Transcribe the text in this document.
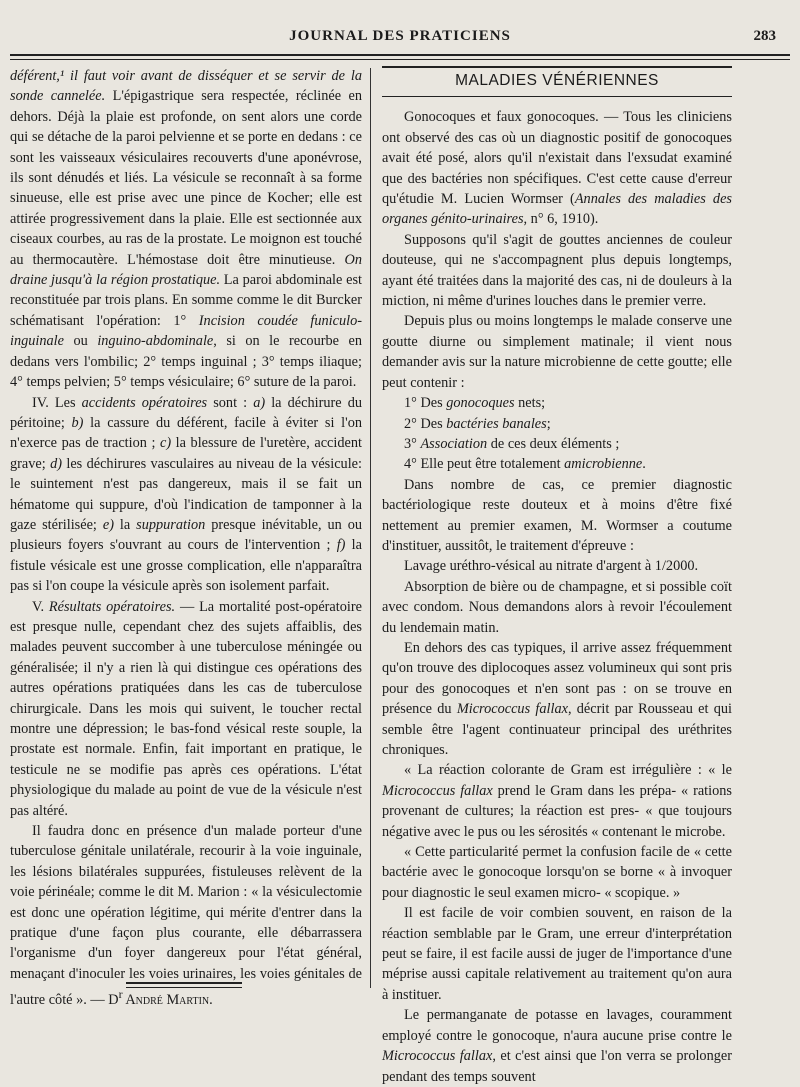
JOURNAL DES PRATICIENS	283

déférent,¹ il faut voir avant de disséquer et se servir de la sonde cannelée. L'épigastrique sera respectée, réclinée en dehors. Déjà la plaie est profonde, on sent alors une corde qui se détache de la paroi pelvienne et se porte en dedans : ce sont les vaisseaux vésiculaires recouverts d'une aponévrose, ils sont dénudés et liés. La vésicule se reconnaît à sa forme sinueuse, elle est prise avec une pince de Kocher; elle est attirée progressivement dans la plaie. Elle est sectionnée aux ciseaux courbes, au ras de la prostate. Le moignon est touché au thermocautère. L'hémostase doit être minutieuse. On draine jusqu'à la région prostatique. La paroi abdominale est reconstituée par trois plans. En somme comme le dit Burcker schématisant l'opération: 1° Incision coudée funiculo-inguinale ou inguino-abdominale, si on le recourbe en dedans vers l'ombilic; 2° temps inguinal ; 3° temps iliaque; 4° temps pelvien; 5° temps vésiculaire; 6° suture de la paroi.

IV. Les accidents opératoires sont : a) la déchirure du péritoine; b) la cassure du déférent, facile à éviter si l'on n'exerce pas de traction ; c) la blessure de l'uretère, accident grave; d) les déchirures vasculaires au niveau de la vésicule: le suintement n'est pas dangereux, mais il se fait un hématome qui suppure, d'où l'indication de tamponner à la gaze stérilisée; e) la suppuration presque inévitable, un ou plusieurs foyers s'ouvrant au cours de l'intervention ; f) la fistule vésicale est une grosse complication, elle n'apparaîtra pas si l'on coupe la vésicule après son isolement parfait.

V. Résultats opératoires. — La mortalité post-opératoire est presque nulle, cependant chez des sujets affaiblis, des malades peuvent succomber à une tuberculose méningée ou généralisée; il n'y a rien là qui distingue ces opérations des autres opérations pratiquées dans les cas de tuberculose chirurgicale. Dans les mois qui suivent, le toucher rectal montre une dépression; le bas-fond vésical reste souple, la prostate est normale. Enfin, fait important en pratique, le testicule ne se modifie pas après ces opérations. L'état physiologique du malade au point de vue de la vésicule n'est pas altéré.

Il faudra donc en présence d'un malade porteur d'une tuberculose génitale unilatérale, recourir à la voie inguinale, les lésions bilatérales suppurées, fistuleuses relèvent de la voie périnéale; comme le dit M. Marion : « la vésiculectomie est donc une opération légitime, qui mérite d'entrer dans la pratique d'une façon plus courante, elle débarrassera l'organisme d'un foyer dangereux pour l'état général, menaçant d'inoculer les voies urinaires, les voies génitales de l'autre côté ». — $D^r$ André Martin.

MALADIES VÉNÉRIENNES

Gonocoques et faux gonocoques. — Tous les cliniciens ont observé des cas où un diagnostic positif de gonocoques avait été posé, alors qu'il n'existait dans l'exsudat examiné que des bactéries non spécifiques. C'est cette cause d'erreur qu'étudie M. Lucien Wormser (Annales des maladies des organes génito-urinaires, n° 6, 1910).

Supposons qu'il s'agit de gouttes anciennes de couleur douteuse, qui ne s'accompagnent plus depuis longtemps, ayant été traitées dans la majorité des cas, ni de douleurs à la miction, ni même d'urines louches dans le premier verre.

Depuis plus ou moins longtemps le malade conserve une goutte diurne ou simplement matinale; il vient nous demander avis sur la nature microbienne de cette goutte; elle peut contenir :

1° Des gonocoques nets;

2° Des bactéries banales;

3° Association de ces deux éléments ;

4° Elle peut être totalement amicrobienne.

Dans nombre de cas, ce premier diagnostic bactériologique reste douteux et à moins d'être fixé nettement au premier examen, M. Wormser a coutume d'instituer, aussitôt, le traitement d'épreuve :

Lavage uréthro-vésical au nitrate d'argent à 1/2000.

Absorption de bière ou de champagne, et si possible coït avec condom. Nous demandons alors à revoir l'écoulement du lendemain matin.

En dehors des cas typiques, il arrive assez fréquemment qu'on trouve des diplocoques assez volumineux qui sont pris pour des gonocoques et n'en sont pas : on se trouve en présence du Micrococcus fallax, décrit par Rousseau et qui semble être l'agent continuateur principal des uréthrites chroniques.

« La réaction colorante de Gram est irrégulière : « le Micrococcus fallax prend le Gram dans les prépa- « rations provenant de cultures; la réaction est pres- « que toujours négative avec le pus ou les sérosités « contenant le microbe.

« Cette particularité permet la confusion facile de « cette bactérie avec le gonocoque lorsqu'on se borne « à invoquer pour diagnostic le seul examen micro- « scopique. »

Il est facile de voir combien souvent, en raison de la réaction semblable par le Gram, une erreur d'interprétation peut se faire, il est facile aussi de juger de l'importance d'une méprise aussi capitale relativement au traitement qu'on aura à instituer.

Le permanganate de potasse en lavages, couramment employé contre le gonocoque, n'aura aucune prise contre le Micrococcus fallax, et c'est ainsi que l'on verra se prolonger pendant des temps souvent
